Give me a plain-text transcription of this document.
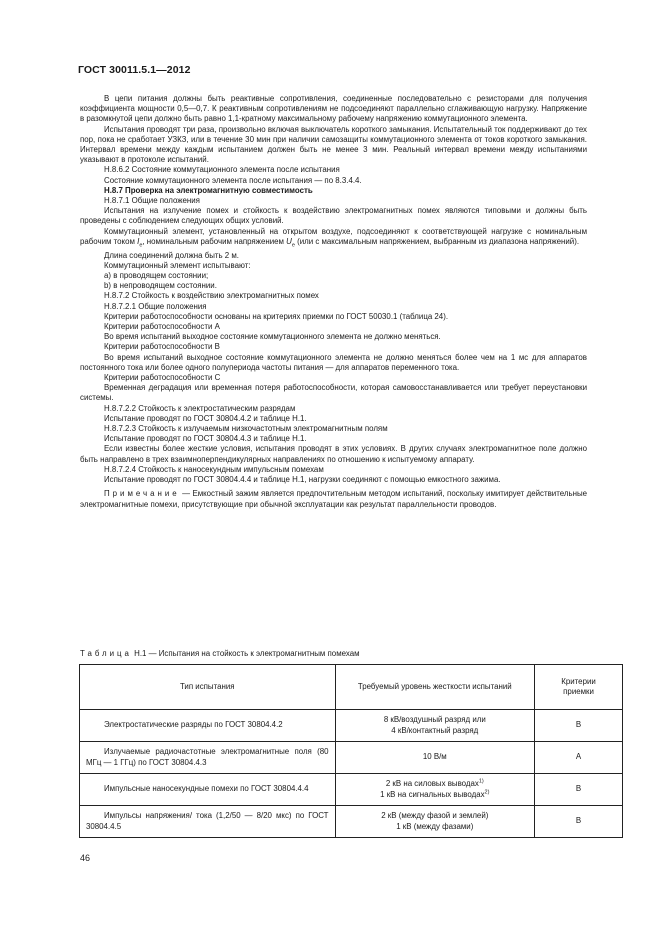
ГОСТ 30011.5.1—2012

В цепи питания должны быть реактивные сопротивления, соединенные последовательно с резисторами для получения коэффициента мощности 0,5—0,7. К реактивным сопротивлениям не подсоединяют параллельно сглаживающую нагрузку. Напряжение в разомкнутой цепи должно быть равно 1,1-кратному максимальному рабочему напряжению коммутационного элемента.

Испытания проводят три раза, произвольно включая выключатель короткого замыкания. Испытательный ток поддерживают до тех пор, пока не сработает УЗКЗ, или в течение 30 мин при наличии самозащиты коммутационного элемента от токов короткого замыкания. Интервал времени между каждым испытанием должен быть не менее 3 мин. Реальный интервал времени между испытаниями указывают в протоколе испытаний.

Н.8.6.2 Состояние коммутационного элемента после испытания

Состояние коммутационного элемента после испытания — по 8.3.4.4.

Н.8.7 Проверка на электромагнитную совместимость

Н.8.7.1 Общие положения

Испытания на излучение помех и стойкость к воздействию электромагнитных помех являются типовыми и должны быть проведены с соблюдением следующих общих условий.

Коммутационный элемент, установленный на открытом воздухе, подсоединяют к соответствующей нагрузке с номинальным рабочим током $I_e$, номинальным рабочим напряжением $U_e$ (или с максимальным напряжением, выбранным из диапазона напряжений).

Длина соединений должна быть 2 м.

Коммутационный элемент испытывают:

а) в проводящем состоянии;

b) в непроводящем состоянии.

Н.8.7.2 Стойкость к воздействию электромагнитных помех

Н.8.7.2.1 Общие положения

Критерии работоспособности основаны на критериях приемки по ГОСТ 50030.1 (таблица 24).

Критерии работоспособности А

Во время испытаний выходное состояние коммутационного элемента не должно меняться.

Критерии работоспособности В

Во время испытаний выходное состояние коммутационного элемента не должно меняться более чем на 1 мс для аппаратов постоянного тока или более одного полупериода частоты питания — для аппаратов переменного тока.

Критерии работоспособности С

Временная деградация или временная потеря работоспособности, которая самовосстанавливается или требует переустановки системы.

Н.8.7.2.2 Стойкость к электростатическим разрядам

Испытание проводят по ГОСТ 30804.4.2 и таблице Н.1.

Н.8.7.2.3 Стойкость к излучаемым низкочастотным электромагнитным полям

Испытание проводят по ГОСТ 30804.4.3 и таблице Н.1.

Если известны более жесткие условия, испытания проводят в этих условиях. В других случаях электромагнитное поле должно быть направлено в трех взаимноперпендикулярных направлениях по отношению к испытуемому аппарату.

Н.8.7.2.4 Стойкость к наносекундным импульсным помехам

Испытание проводят по ГОСТ 30804.4.4 и таблице Н.1, нагрузки соединяют с помощью емкостного зажима.

Примечание — Емкостный зажим является предпочтительным методом испытаний, поскольку имитирует действительные электромагнитные помехи, присутствующие при обычной эксплуатации как результат параллельности проводов.

Таблица Н.1 — Испытания на стойкость к электромагнитным помехам
Тип испытания	Требуемый уровень жесткости испытаний	Критерии приемки
Электростатические разряды по ГОСТ 30804.4.2	8 кВ/воздушный разряд или
4 кВ/контактный разряд	В
Излучаемые радиочастотные электромагнитные поля (80 МГц — 1 ГГц) по ГОСТ 30804.4.3	10 В/м	А
Импульсные наносекундные помехи по ГОСТ 30804.4.4	2 кВ на силовых выводах$^{1)}$
1 кВ на сигнальных выводах$^{2)}$	В
Импульсы напряжения/ тока (1,2/50 — 8/20 мкс) по ГОСТ 30804.4.5	2 кВ (между фазой и землей)
1 кВ (между фазами)	В
46
